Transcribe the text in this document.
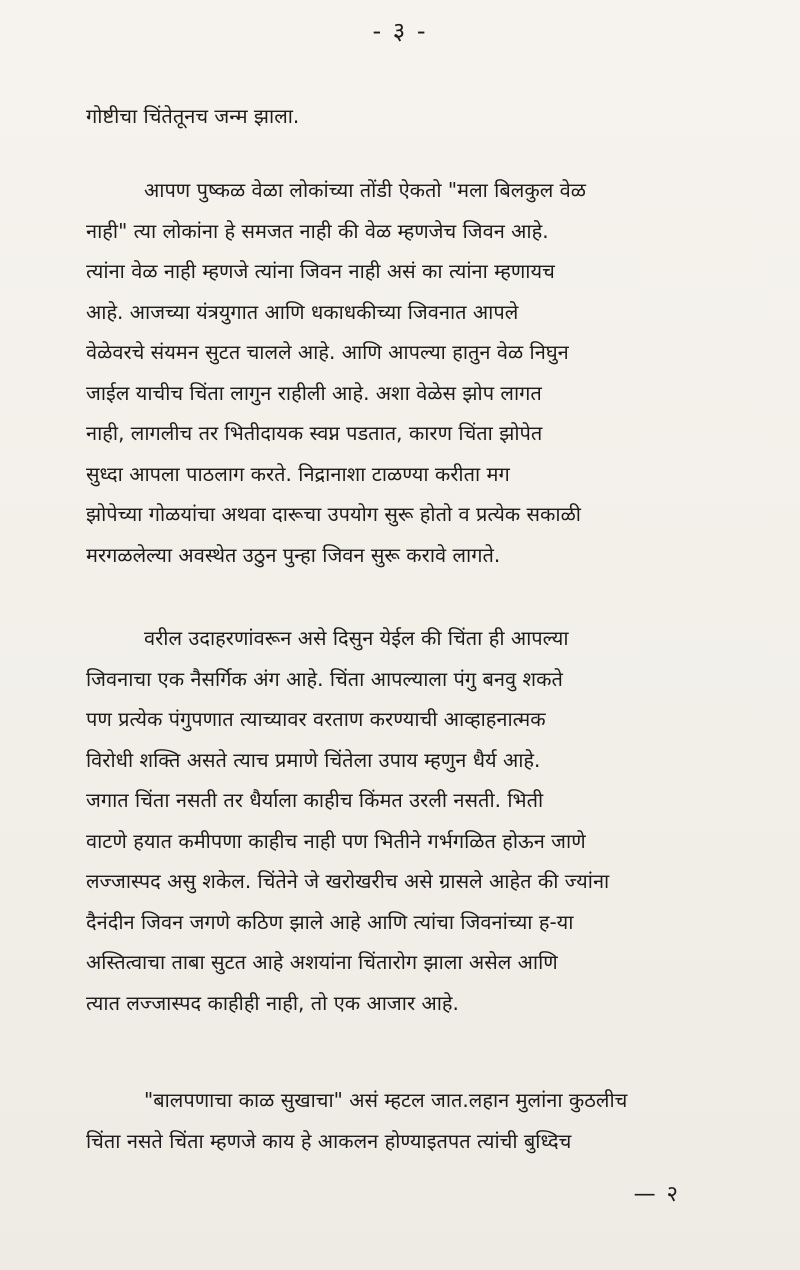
- ३ -

गोष्टीचा चिंतेतूनच जन्म झाला.

आपण पुष्कळ वेळा लोकांच्या तोंडी ऐकतो "मला बिलकुल वेळ
नाही" त्या लोकांना हे समजत नाही की वेळ म्हणजेच जिवन आहे.
त्यांना वेळ नाही म्हणजे त्यांना जिवन नाही असं का त्यांना म्हणायच
आहे. आजच्या यंत्रयुगात आणि धकाधकीच्या जिवनात आपले
वेळेवरचे संयमन सुटत चालले आहे. आणि आपल्या हातुन वेळ निघुन
जाईल याचीच चिंता लागुन राहीली आहे. अशा वेळेस झोप लागत
नाही, लागलीच तर भितीदायक स्वप्न पडतात, कारण चिंता झोपेत
सुध्दा आपला पाठलाग करते. निद्रानाशा टाळण्या करीता मग
झोपेच्या गोळयांचा अथवा दारूचा उपयोग सुरू होतो व प्रत्येक सकाळी
मरगळलेल्या अवस्थेत उठुन पुन्हा जिवन सुरू करावे लागते.

वरील उदाहरणांवरून असे दिसुन येईल की चिंता ही आपल्या
जिवनाचा एक नैसर्गिक अंग आहे. चिंता आपल्याला पंगु बनवु शकते
पण प्रत्येक पंगुपणात त्याच्यावर वरताण करण्याची आव्हाहनात्मक
विरोधी शक्ति असते त्याच प्रमाणे चिंतेला उपाय म्हणुन धैर्य आहे.
जगात चिंता नसती तर धैर्याला काहीच किंमत उरली नसती. भिती
वाटणे हयात कमीपणा काहीच नाही पण भितीने गर्भगळित होऊन जाणे
लज्जास्पद असु शकेल. चिंतेने जे खरोखरीच असे ग्रासले आहेत की ज्यांना
दैनंदीन जिवन जगणे कठिण झाले आहे आणि त्यांचा जिवनांच्या ह-या
अस्तित्वाचा ताबा सुटत आहे अशयांना चिंतारोग झाला असेल आणि
त्यात लज्जास्पद काहीही नाही, तो एक आजार आहे.

"बालपणाचा काळ सुखाचा" असं म्हटल जात.लहान मुलांना कुठलीच
चिंता नसते चिंता म्हणजे काय हे आकलन होण्याइतपत त्यांची बुध्दिच

— २
